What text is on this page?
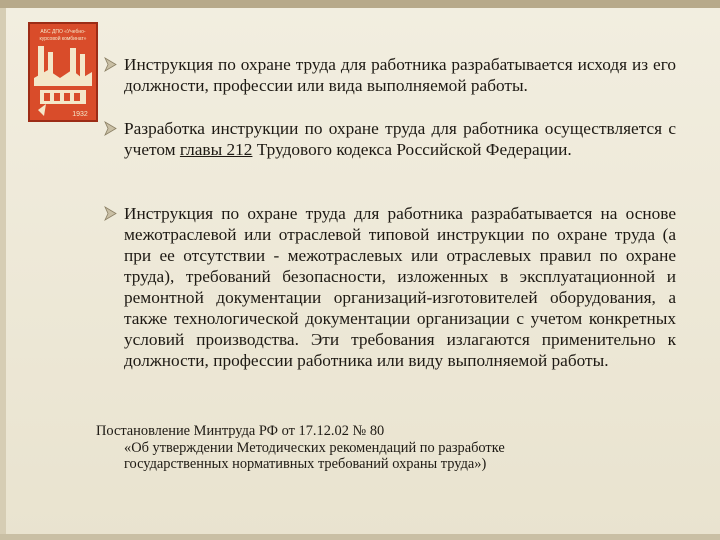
АБС ДПО «Учебно-
курсовой комбинат»
1932
Инструкция по охране труда для работника разрабатывается исходя из его должности, профессии или вида выполняемой работы.
Разработка инструкции по охране труда для работника осуществляется с учетом главы 212 Трудового кодекса Российской Федерации.
Инструкция по охране труда для работника разрабатывается на основе межотраслевой или отраслевой типовой инструкции по охране труда (а при ее отсутствии - межотраслевых или отраслевых правил по охране труда), требований безопасности, изложенных в эксплуатационной и ремонтной документации организаций-изготовителей оборудования, а также технологической документации организации с учетом конкретных условий производства. Эти требования излагаются применительно к должности, профессии работника или виду выполняемой работы.
Постановление Минтруда РФ от 17.12.02 № 80
«Об утверждении Методических рекомендаций по разработке
государственных нормативных требований охраны труда»)
